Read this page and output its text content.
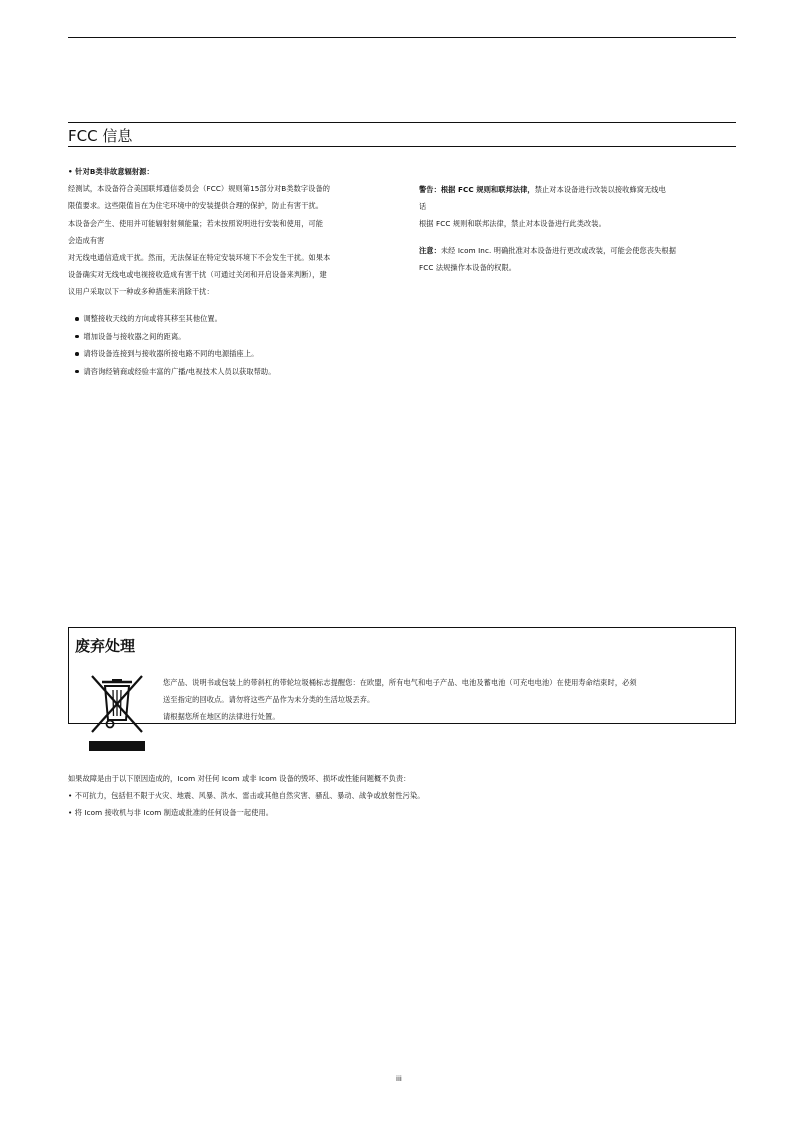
FCC 信息
• 针对B类非故意辐射源：
经测试，本设备符合美国联邦通信委员会（FCC）规则第15部分对B类数字设备的
限值要求。这些限值旨在为住宅环境中的安装提供合理的保护，防止有害干扰。
本设备会产生、使用并可能辐射射频能量；若未按照说明进行安装和使用，可能
会造成有害
对无线电通信造成干扰。然而，无法保证在特定安装环境下不会发生干扰。如果本
设备确实对无线电或电视接收造成有害干扰（可通过关闭和开启设备来判断），建
议用户采取以下一种或多种措施来消除干扰：
调整接收天线的方向或将其移至其他位置。
增加设备与接收器之间的距离。
请将设备连接到与接收器所接电路不同的电源插座上。
请咨询经销商或经验丰富的广播/电视技术人员以获取帮助。
警告：根据 FCC 规则和联邦法律，禁止对本设备进行改装以接收蜂窝无线电
话
根据 FCC 规则和联邦法律，禁止对本设备进行此类改装。
注意：未经 Icom Inc. 明确批准对本设备进行更改或改装，可能会使您丧失根据
FCC 法规操作本设备的权限。
废弃处理
您产品、说明书或包装上的带斜杠的带轮垃圾桶标志提醒您：在欧盟，所有电气和电子产品、电池及蓄电池（可充电电池）在使用寿命结束时，必须
送至指定的回收点。请勿将这些产品作为未分类的生活垃圾丢弃。
请根据您所在地区的法律进行处置。
如果故障是由于以下原因造成的，Icom 对任何 Icom 或非 Icom 设备的毁坏、损坏或性能问题概不负责：
• 不可抗力，包括但不限于火灾、地震、风暴、洪水、雷击或其他自然灾害、骚乱、暴动、战争或放射性污染。
• 将 Icom 接收机与非 Icom 制造或批准的任何设备一起使用。
iii
